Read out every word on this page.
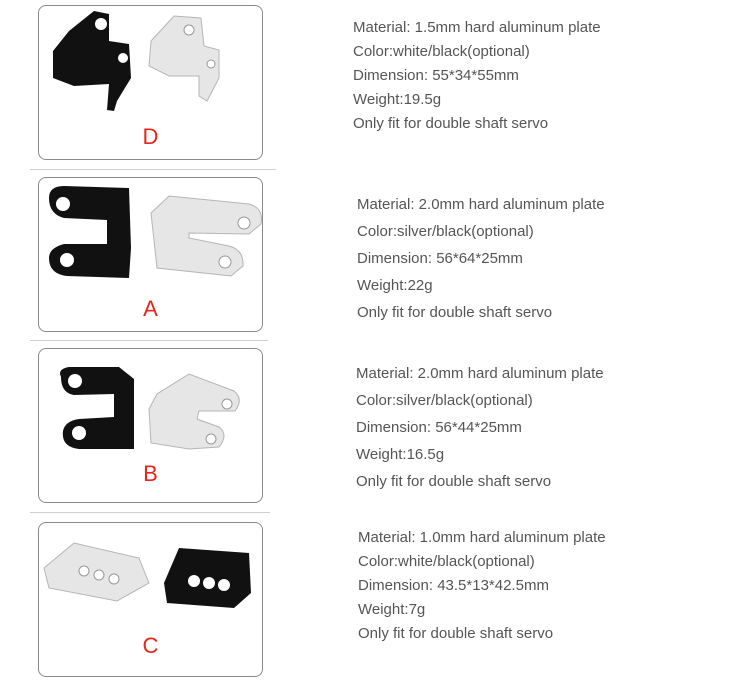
D
Material: 1.5mm hard aluminum plate
Color:white/black(optional)
Dimension: 55*34*55mm
Weight:19.5g
Only fit for double shaft servo
A
Material: 2.0mm hard aluminum plate
Color:silver/black(optional)
Dimension: 56*64*25mm
Weight:22g
Only fit for double shaft servo
B
Material: 2.0mm hard aluminum plate
Color:silver/black(optional)
Dimension: 56*44*25mm
Weight:16.5g
Only fit for double shaft servo
C
Material: 1.0mm hard aluminum plate
Color:white/black(optional)
Dimension: 43.5*13*42.5mm
Weight:7g
Only fit for double shaft servo
